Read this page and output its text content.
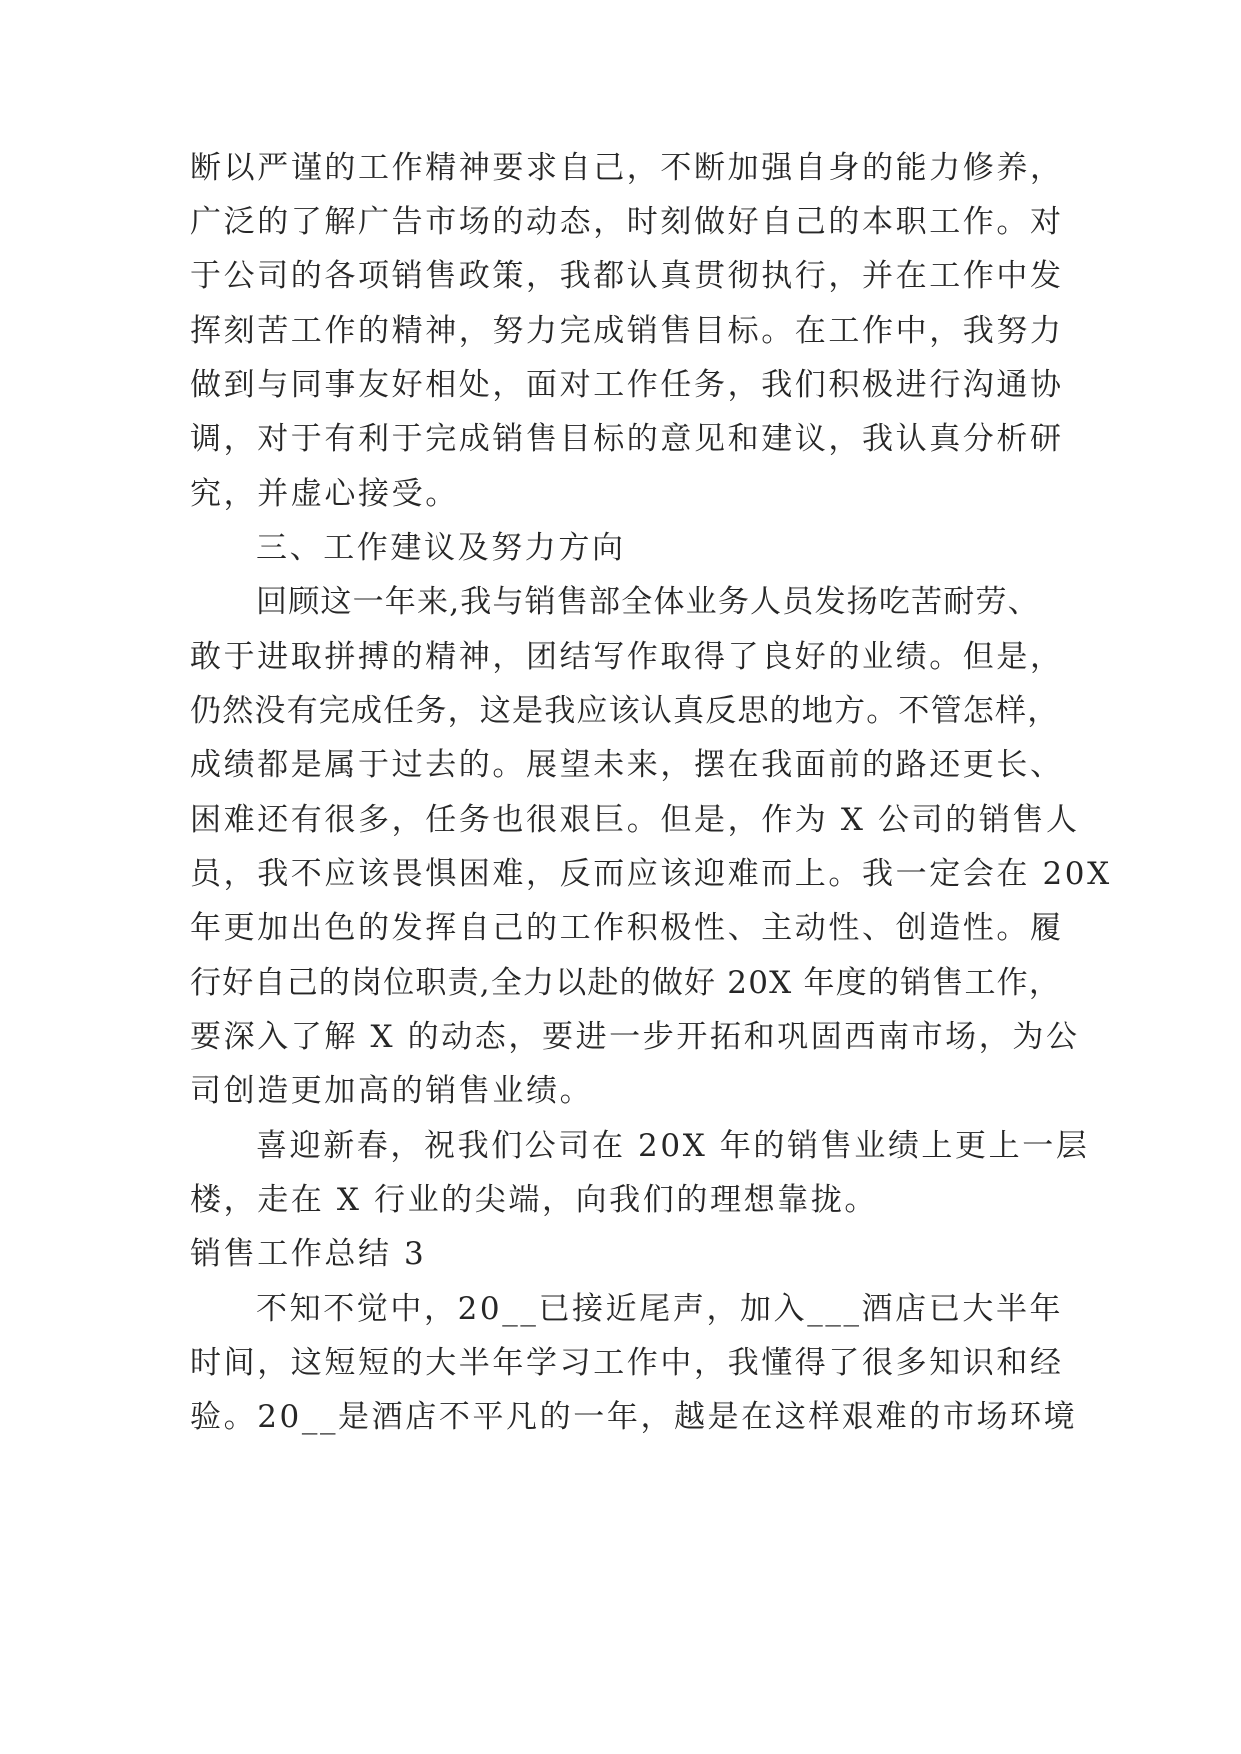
断以严谨的工作精神要求自己，不断加强自身的能力修养，
广泛的了解广告市场的动态，时刻做好自己的本职工作。对
于公司的各项销售政策，我都认真贯彻执行，并在工作中发
挥刻苦工作的精神，努力完成销售目标。在工作中，我努力
做到与同事友好相处，面对工作任务，我们积极进行沟通协
调，对于有利于完成销售目标的意见和建议，我认真分析研
究，并虚心接受。
三、工作建议及努力方向
回顾这一年来,我与销售部全体业务人员发扬吃苦耐劳、
敢于进取拼搏的精神，团结写作取得了良好的业绩。但是，
仍然没有完成任务，这是我应该认真反思的地方。不管怎样，
成绩都是属于过去的。展望未来，摆在我面前的路还更长、
困难还有很多，任务也很艰巨。但是，作为 X 公司的销售人
员，我不应该畏惧困难，反而应该迎难而上。我一定会在 20X
年更加出色的发挥自己的工作积极性、主动性、创造性。履
行好自己的岗位职责,全力以赴的做好 20X 年度的销售工作，
要深入了解 X 的动态，要进一步开拓和巩固西南市场，为公
司创造更加高的销售业绩。
喜迎新春，祝我们公司在 20X 年的销售业绩上更上一层
楼，走在 X 行业的尖端，向我们的理想靠拢。
销售工作总结 3
不知不觉中，20__已接近尾声，加入___酒店已大半年
时间，这短短的大半年学习工作中，我懂得了很多知识和经
验。20__是酒店不平凡的一年，越是在这样艰难的市场环境
